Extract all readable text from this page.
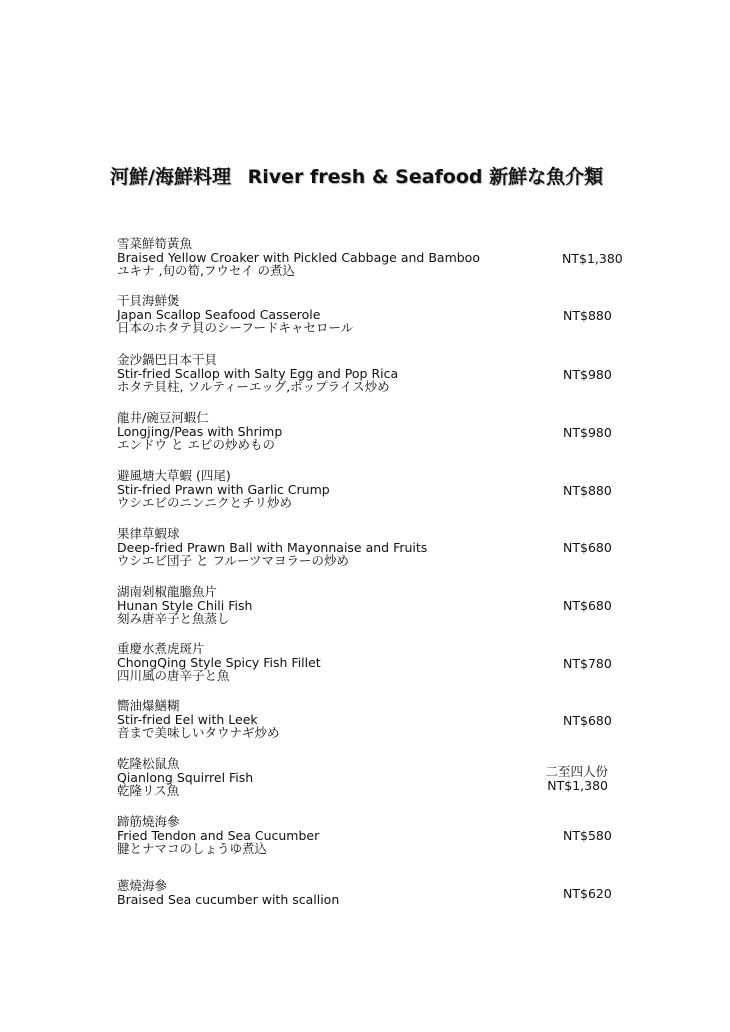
河鮮/海鮮料理 River fresh & Seafood 新鮮な魚介類
雪菜鮮筍黃魚
Braised Yellow Croaker with Pickled Cabbage and Bamboo
ユキナ ,旬の筍,フウセイ の煮込
NT$1,380
干貝海鮮煲
Japan Scallop Seafood Casserole
日本のホタテ貝のシーフードキャセロール
NT$880
金沙鍋巴日本干貝
Stir-fried Scallop with Salty Egg and Pop Rica
ホタテ貝柱, ソルティーエッグ,ポップライス炒め
NT$980
龍井/碗豆河蝦仁
Longjing/Peas with Shrimp
エンドウ と エビの炒めもの
NT$980
避風塘大草蝦 (四尾)
Stir-fried Prawn with Garlic Crump
ウシエビのニンニクとチリ炒め
NT$880
果律草蝦球
Deep-fried Prawn Ball with Mayonnaise and Fruits
ウシエビ団子 と フルーツマヨラーの炒め
NT$680
湖南剁椒龍膽魚片
Hunan Style Chili Fish
刻み唐辛子と魚蒸し
NT$680
重慶水煮虎斑片
ChongQing Style Spicy Fish Fillet
四川風の唐辛子と魚
NT$780
嚮油爆鱔糊
Stir-fried Eel with Leek
音まで美味しいタウナギ炒め
NT$680
乾隆松鼠魚
Qianlong Squirrel Fish
乾隆リス魚
二至四人份
NT$1,380
蹄筋燒海參
Fried Tendon and Sea Cucumber
腱とナマコのしょうゆ煮込
NT$580
蔥燒海參
Braised Sea cucumber with scallion	NT$620
